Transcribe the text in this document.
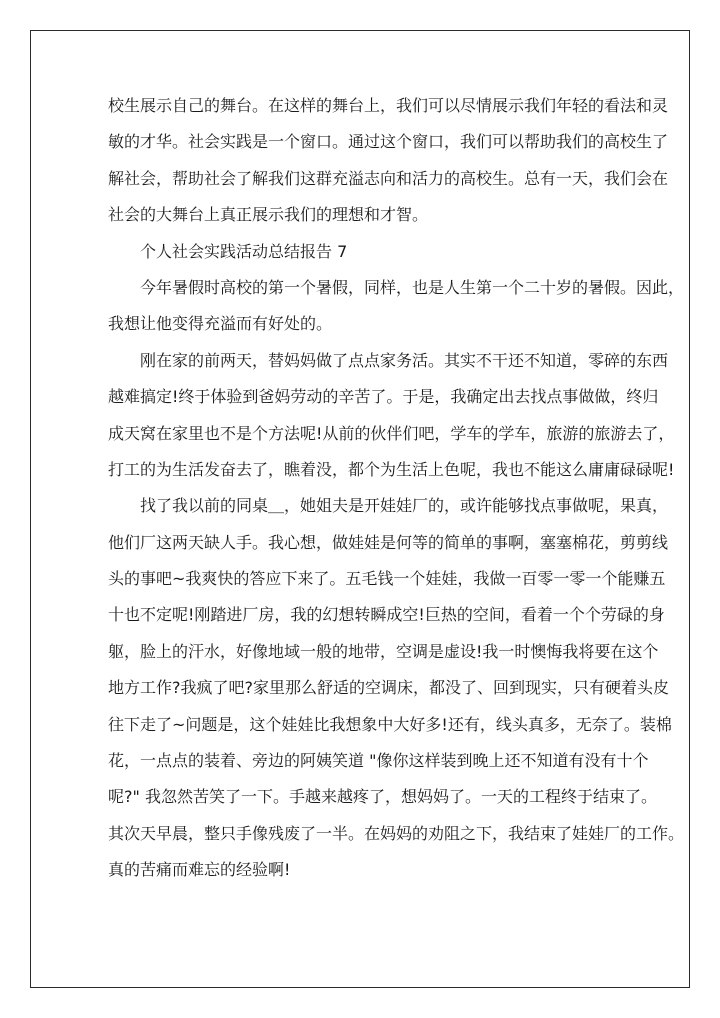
校生展示自己的舞台。在这样的舞台上，我们可以尽情展示我们年轻的看法和灵
敏的才华。社会实践是一个窗口。通过这个窗口，我们可以帮助我们的高校生了
解社会，帮助社会了解我们这群充溢志向和活力的高校生。总有一天，我们会在
社会的大舞台上真正展示我们的理想和才智。
个人社会实践活动总结报告 7
今年暑假时高校的第一个暑假，同样，也是人生第一个二十岁的暑假。因此，
我想让他变得充溢而有好处的。
刚在家的前两天，替妈妈做了点点家务活。其实不干还不知道，零碎的东西
越难搞定!终于体验到爸妈劳动的辛苦了。于是，我确定出去找点事做做，终归
成天窝在家里也不是个方法呢!从前的伙伴们吧，学车的学车，旅游的旅游去了，
打工的为生活发奋去了，瞧着没，都个为生活上色呢，我也不能这么庸庸碌碌呢!
找了我以前的同桌＿，她姐夫是开娃娃厂的，或许能够找点事做呢，果真，
他们厂这两天缺人手。我心想，做娃娃是何等的简单的事啊，塞塞棉花，剪剪线
头的事吧~我爽快的答应下来了。五毛钱一个娃娃，我做一百零一零一个能赚五
十也不定呢!刚踏进厂房，我的幻想转瞬成空!巨热的空间，看着一个个劳碌的身
躯，脸上的汗水，好像地域一般的地带，空调是虚设!我一时懊悔我将要在这个
地方工作?我疯了吧?家里那么舒适的空调床，都没了、回到现实，只有硬着头皮
往下走了~问题是，这个娃娃比我想象中大好多!还有，线头真多，无奈了。装棉
花，一点点的装着、旁边的阿姨笑道 "像你这样装到晚上还不知道有没有十个
呢?" 我忽然苦笑了一下。手越来越疼了，想妈妈了。一天的工程终于结束了。
其次天早晨，整只手像残废了一半。在妈妈的劝阻之下，我结束了娃娃厂的工作。
真的苦痛而难忘的经验啊!
